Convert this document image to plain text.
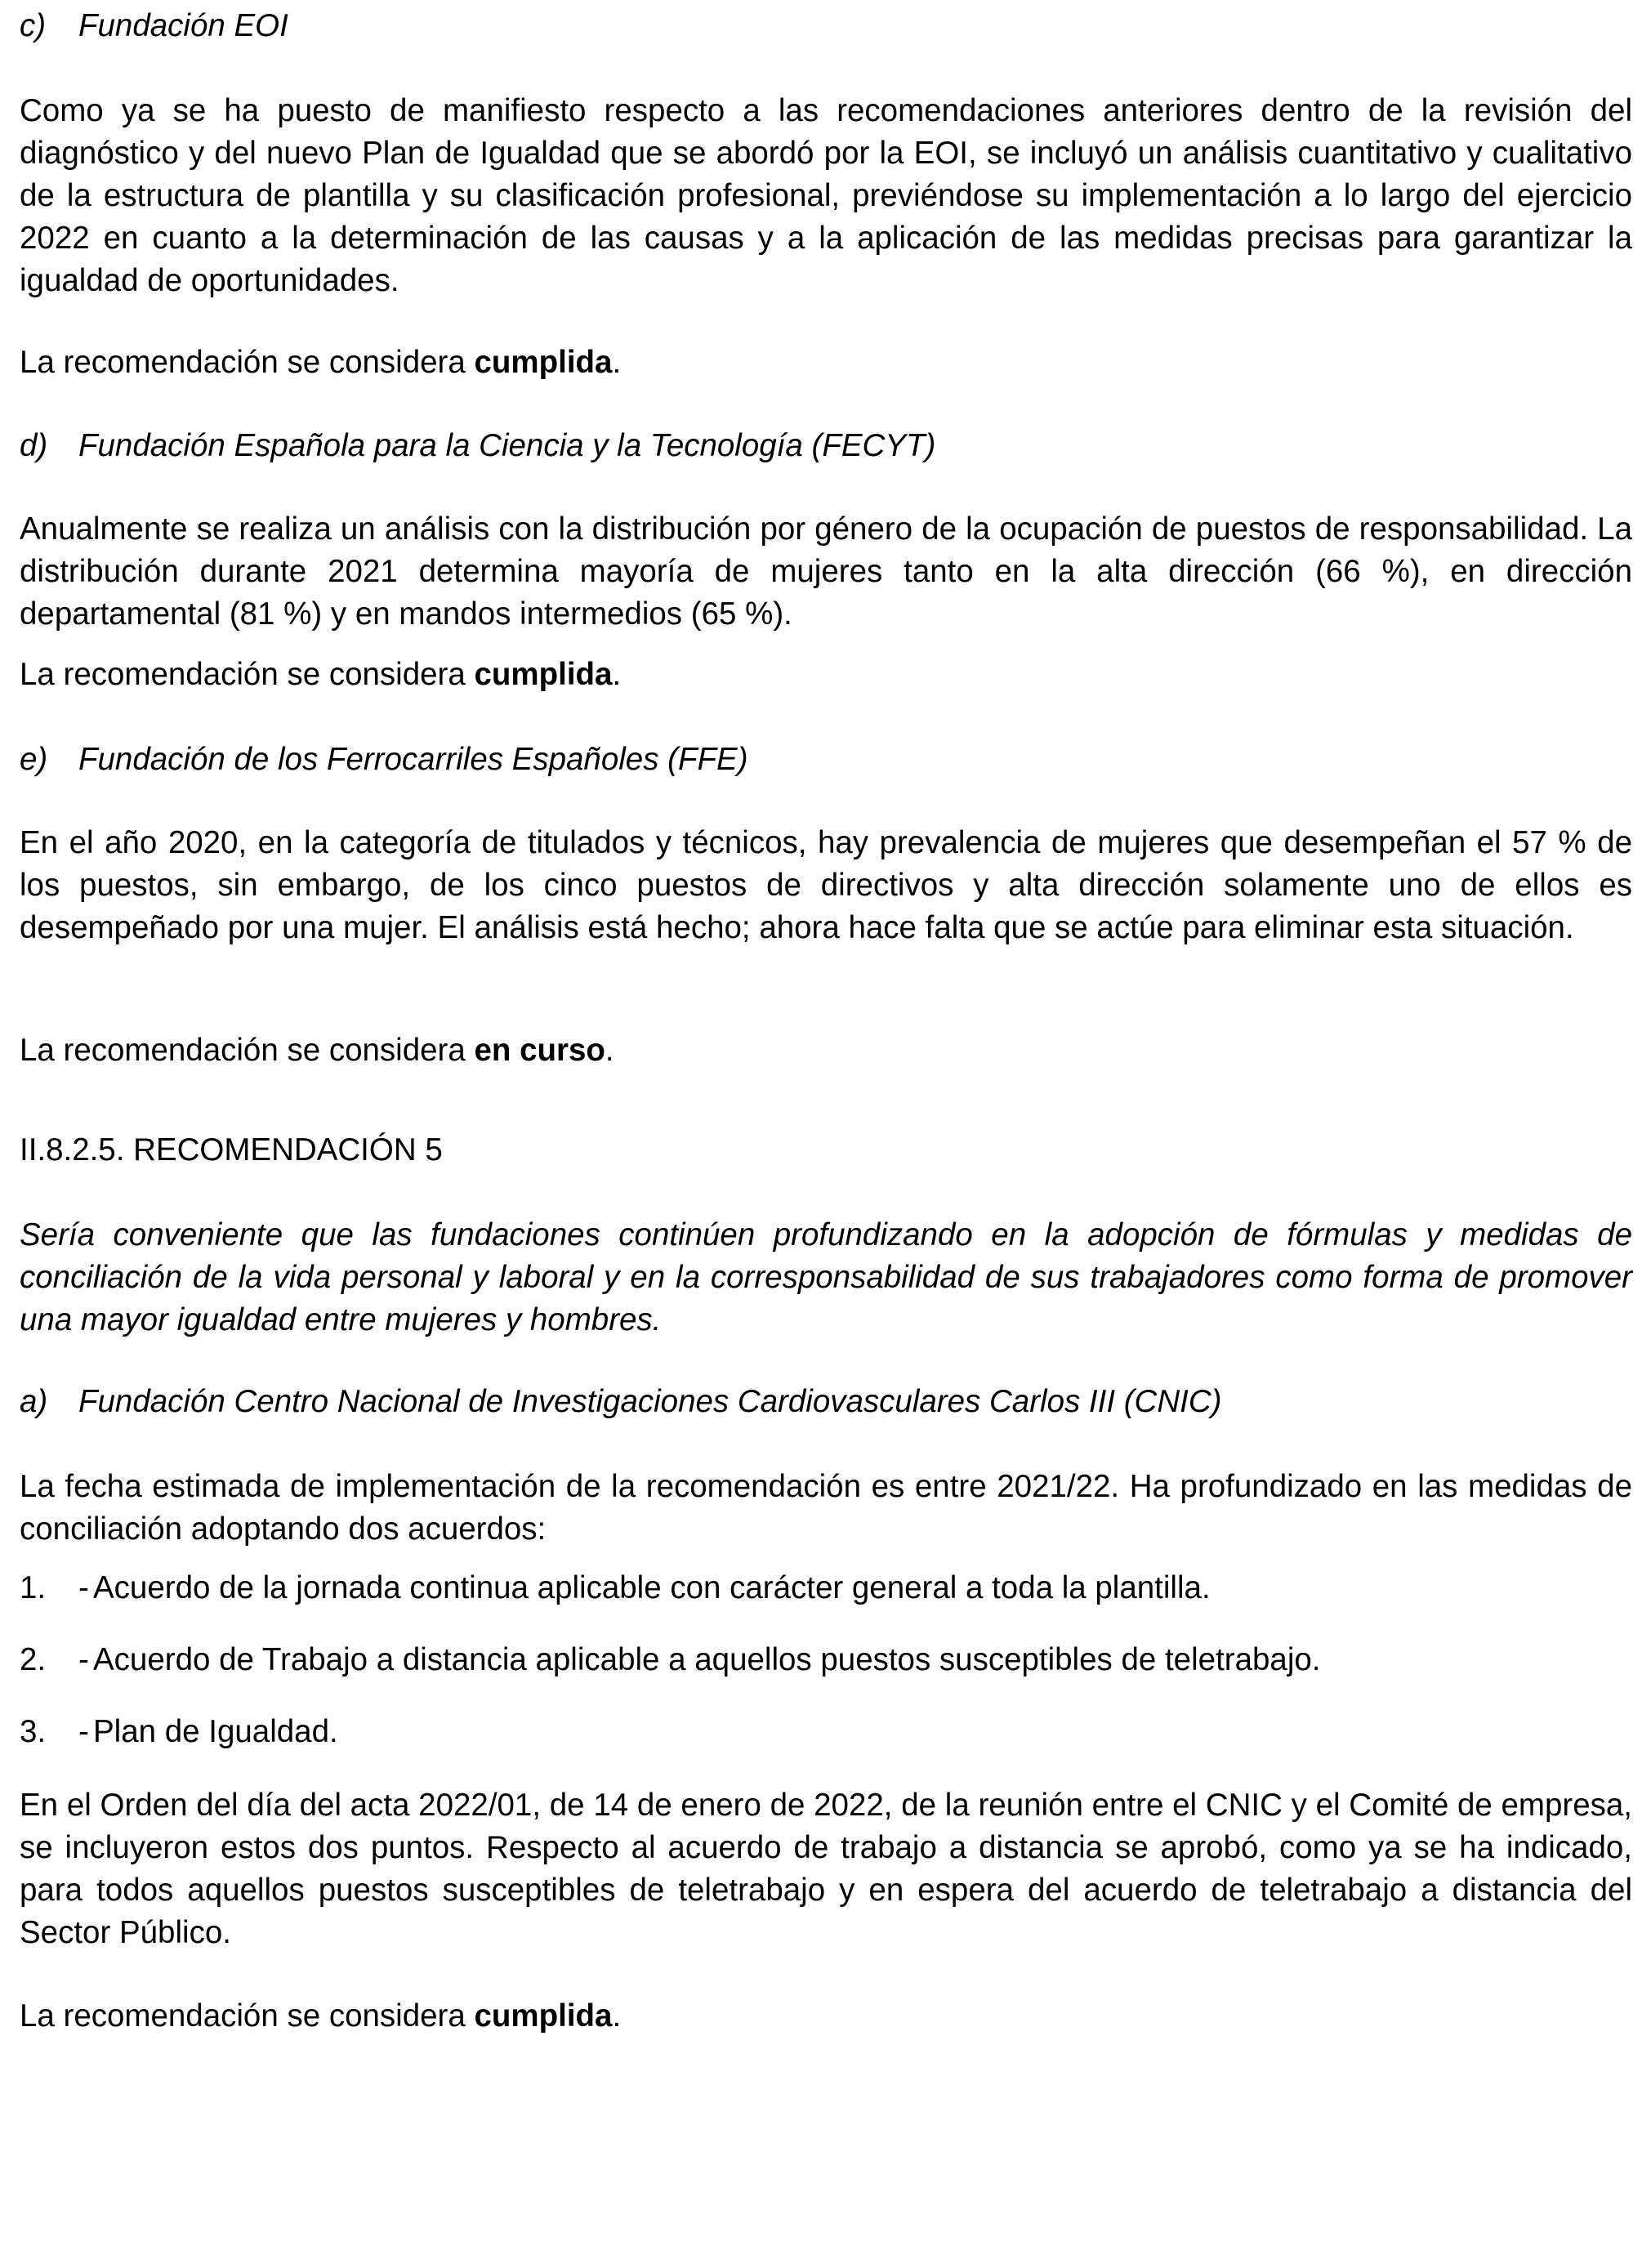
c) Fundación EOI

Como ya se ha puesto de manifiesto respecto a las recomendaciones anteriores dentro de la revisión del diagnóstico y del nuevo Plan de Igualdad que se abordó por la EOI, se incluyó un análisis cuantitativo y cualitativo de la estructura de plantilla y su clasificación profesional, previéndose su implementación a lo largo del ejercicio 2022 en cuanto a la determinación de las causas y a la aplicación de las medidas precisas para garantizar la igualdad de oportunidades.

La recomendación se considera cumplida.

d) Fundación Española para la Ciencia y la Tecnología (FECYT)

Anualmente se realiza un análisis con la distribución por género de la ocupación de puestos de responsabilidad. La distribución durante 2021 determina mayoría de mujeres tanto en la alta dirección (66 %), en dirección departamental (81 %) y en mandos intermedios (65 %).

La recomendación se considera cumplida.

e) Fundación de los Ferrocarriles Españoles (FFE)

En el año 2020, en la categoría de titulados y técnicos, hay prevalencia de mujeres que desempeñan el 57 % de los puestos, sin embargo, de los cinco puestos de directivos y alta dirección solamente uno de ellos es desempeñado por una mujer. El análisis está hecho; ahora hace falta que se actúe para eliminar esta situación.

La recomendación se considera en curso.

II.8.2.5. RECOMENDACIÓN 5

Sería conveniente que las fundaciones continúen profundizando en la adopción de fórmulas y medidas de conciliación de la vida personal y laboral y en la corresponsabilidad de sus trabajadores como forma de promover una mayor igualdad entre mujeres y hombres.

a) Fundación Centro Nacional de Investigaciones Cardiovasculares Carlos III (CNIC)

La fecha estimada de implementación de la recomendación es entre 2021/22. Ha profundizado en las medidas de conciliación adoptando dos acuerdos:

1. - Acuerdo de la jornada continua aplicable con carácter general a toda la plantilla.

2. - Acuerdo de Trabajo a distancia aplicable a aquellos puestos susceptibles de teletrabajo.

3. - Plan de Igualdad.

En el Orden del día del acta 2022/01, de 14 de enero de 2022, de la reunión entre el CNIC y el Comité de empresa, se incluyeron estos dos puntos. Respecto al acuerdo de trabajo a distancia se aprobó, como ya se ha indicado, para todos aquellos puestos susceptibles de teletrabajo y en espera del acuerdo de teletrabajo a distancia del Sector Público.

La recomendación se considera cumplida.
